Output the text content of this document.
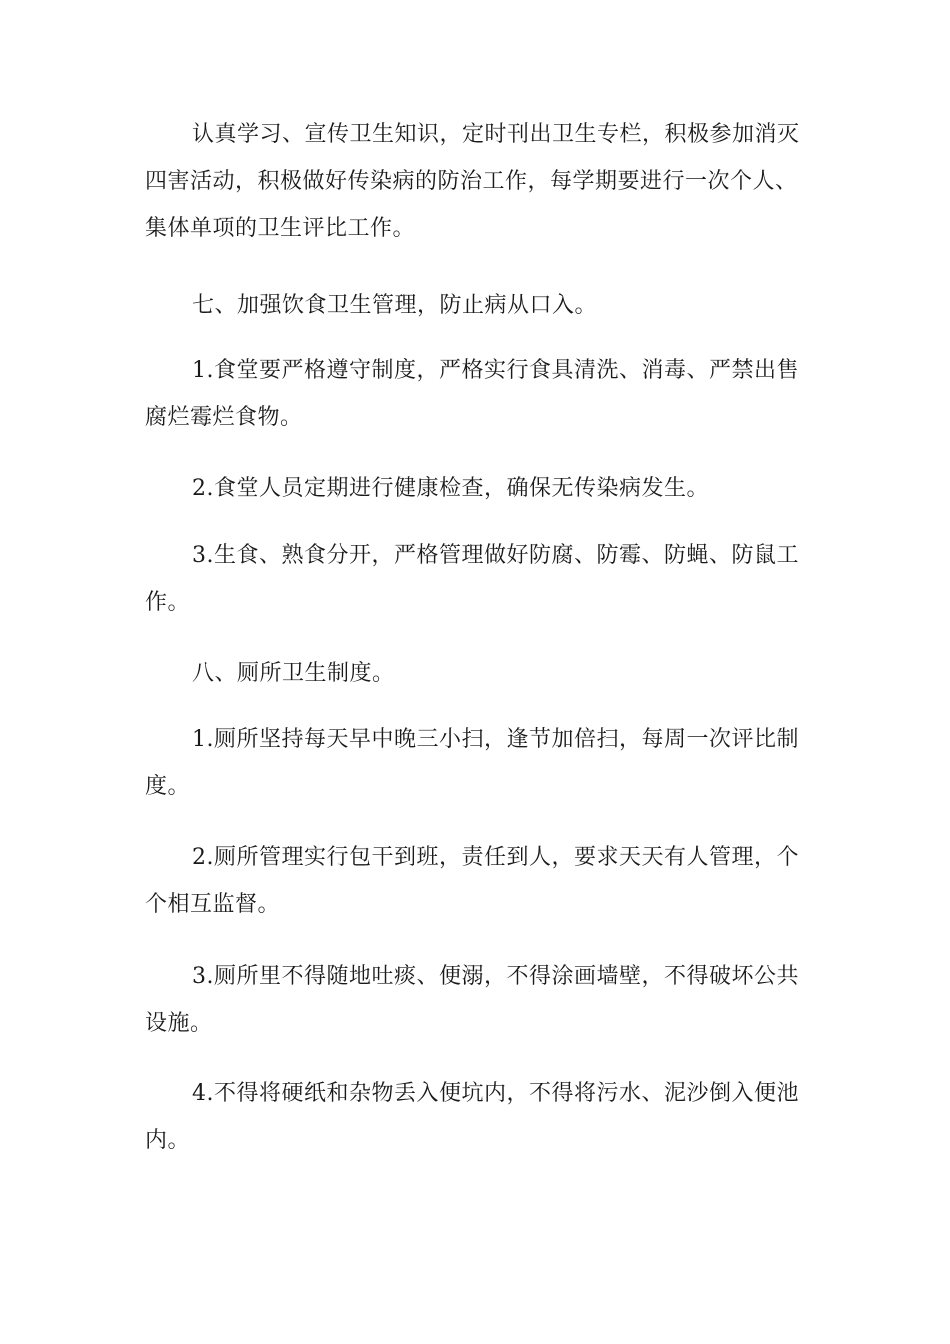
认真学习、宣传卫生知识，定时刊出卫生专栏，积极参加消灭四害活动，积极做好传染病的防治工作，每学期要进行一次个人、集体单项的卫生评比工作。

七、加强饮食卫生管理，防止病从口入。

1.食堂要严格遵守制度，严格实行食具清洗、消毒、严禁出售腐烂霉烂食物。

2.食堂人员定期进行健康检查，确保无传染病发生。

3.生食、熟食分开，严格管理做好防腐、防霉、防蝇、防鼠工作。

八、厕所卫生制度。

1.厕所坚持每天早中晚三小扫，逢节加倍扫，每周一次评比制度。

2.厕所管理实行包干到班，责任到人，要求天天有人管理，个个相互监督。

3.厕所里不得随地吐痰、便溺，不得涂画墙壁，不得破坏公共设施。

4.不得将硬纸和杂物丢入便坑内，不得将污水、泥沙倒入便池内。
